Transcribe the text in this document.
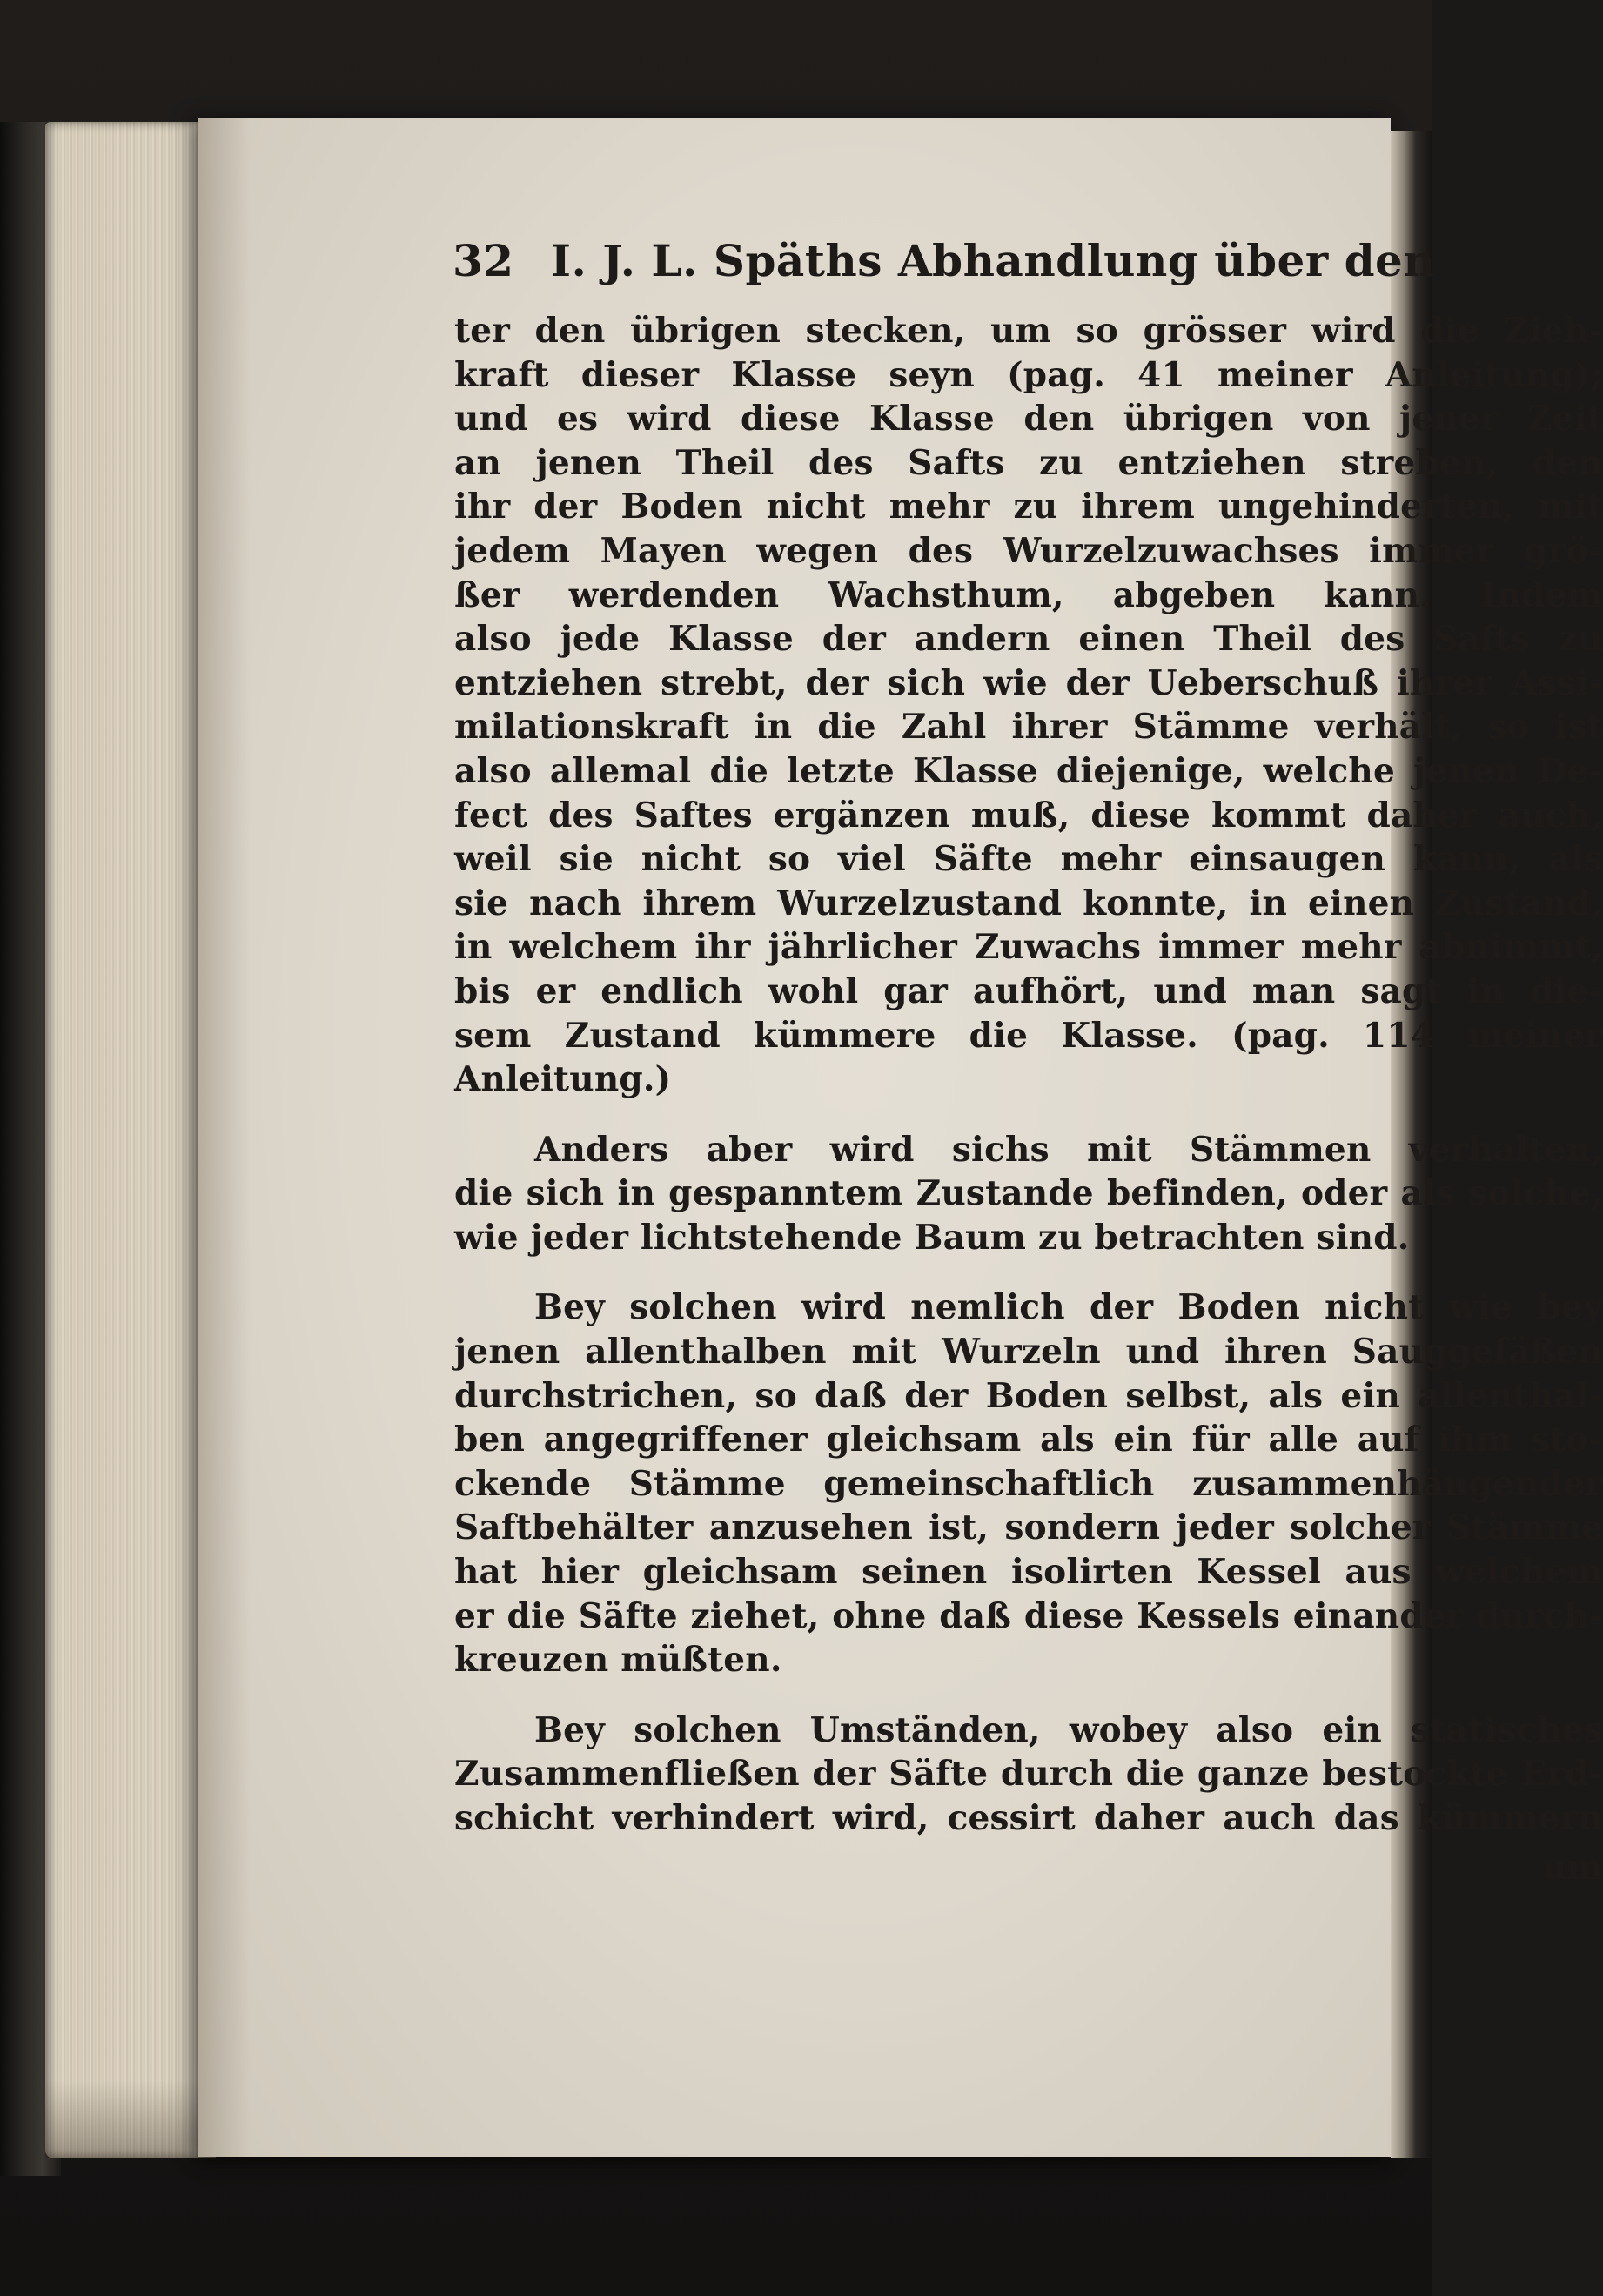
32 I. J. L. Späths Abhandlung über den
ter den übrigen stecken, um so grösser wird die Zieh-
kraft dieser Klasse seyn (pag. 41 meiner Anleitung);
und es wird diese Klasse den übrigen von jener Zeit
an jenen Theil des Safts zu entziehen streben, den
ihr der Boden nicht mehr zu ihrem ungehinderten, mit
jedem Mayen wegen des Wurzelzuwachses immer grö-
ßer werdenden Wachsthum, abgeben kann. Indem
also jede Klasse der andern einen Theil des Safts zu
entziehen strebt, der sich wie der Ueberschuß ihrer Assi-
milationskraft in die Zahl ihrer Stämme verhält, so ist
also allemal die letzte Klasse diejenige, welche jenen De-
fect des Saftes ergänzen muß, diese kommt daher auch,
weil sie nicht so viel Säfte mehr einsaugen kann, als
sie nach ihrem Wurzelzustand konnte, in einen Zustand,
in welchem ihr jährlicher Zuwachs immer mehr abnimmt,
bis er endlich wohl gar aufhört, und man sagt in die-
sem Zustand kümmere die Klasse. (pag. 114 meiner
Anleitung.)
Anders aber wird sichs mit Stämmen verhalten,
die sich in gespanntem Zustande befinden, oder als solche,
wie jeder lichtstehende Baum zu betrachten sind.
Bey solchen wird nemlich der Boden nicht wie bey
jenen allenthalben mit Wurzeln und ihren Sauggefäßen
durchstrichen, so daß der Boden selbst, als ein allenthal-
ben angegriffener gleichsam als ein für alle auf ihm sto-
ckende Stämme gemeinschaftlich zusammenhängender
Saftbehälter anzusehen ist, sondern jeder solcher Stämme
hat hier gleichsam seinen isolirten Kessel aus welchem
er die Säfte ziehet, ohne daß diese Kessels einander durch-
kreuzen müßten.
Bey solchen Umständen, wobey also ein statisches
Zusammenfließen der Säfte durch die ganze bestockte Erd-
schicht verhindert wird, cessirt daher auch das kümmern
um
